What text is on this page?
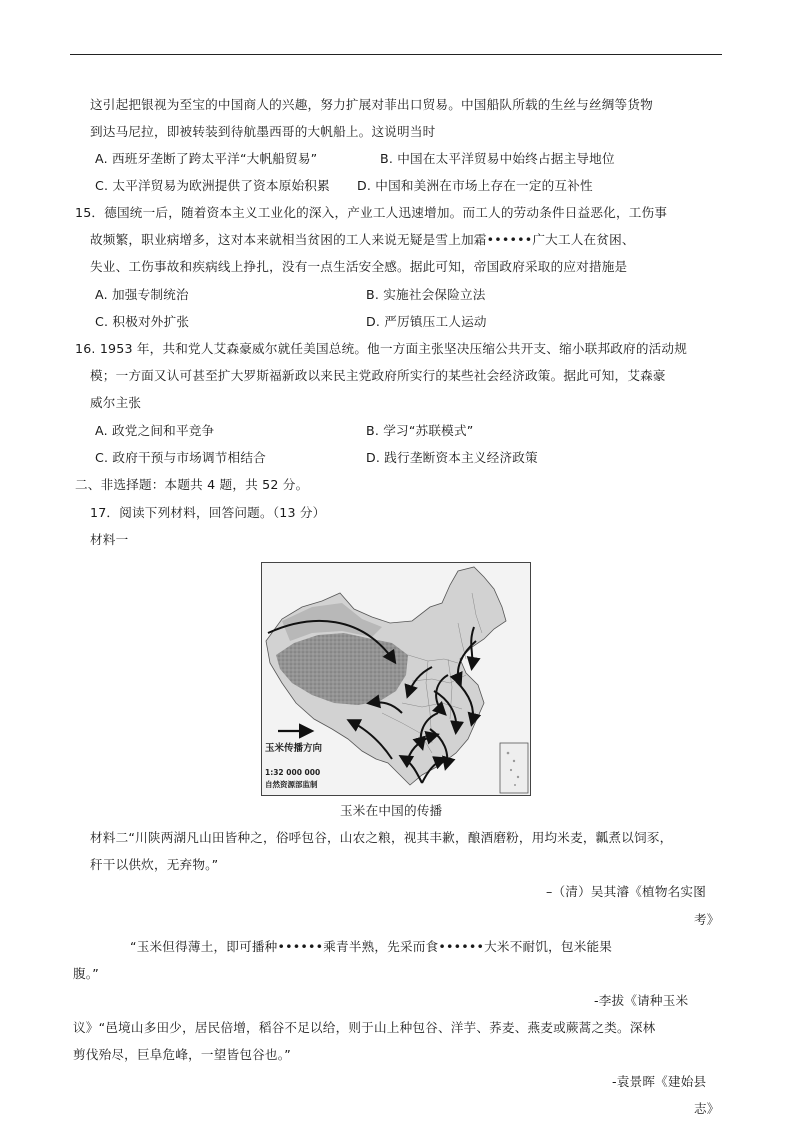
这引起把银视为至宝的中国商人的兴趣，努力扩展对菲出口贸易。中国船队所载的生丝与丝绸等货物
到达马尼拉，即被转装到待航墨西哥的大帆船上。这说明当时
A. 西班牙垄断了跨太平洋“大帆船贸易”	B. 中国在太平洋贸易中始终占据主导地位
C. 太平洋贸易为欧洲提供了资本原始积累 D. 中国和美洲在市场上存在一定的互补性
15．德国统一后，随着资本主义工业化的深入，产业工人迅速增加。而工人的劳动条件日益恶化，工伤事
故频繁，职业病增多，这对本来就相当贫困的工人来说无疑是雪上加霜••••••广大工人在贫困、
失业、工伤事故和疾病线上挣扎，没有一点生活安全感。据此可知，帝国政府采取的应对措施是
A. 加强专制统治	B. 实施社会保险立法
C. 积极对外扩张	D. 严厉镇压工人运动
16. 1953 年，共和党人艾森豪威尔就任美国总统。他一方面主张坚决压缩公共开支、缩小联邦政府的活动规
模；一方面又认可甚至扩大罗斯福新政以来民主党政府所实行的某些社会经济政策。据此可知，艾森豪
威尔主张
A. 政党之间和平竞争	B. 学习“苏联模式”
C. 政府干预与市场调节相结合	D. 践行垄断资本主义经济政策
二、非选择题：本题共 4 题，共 52 分。
17．阅读下列材料，回答问题。（13 分）
材料一
玉米传播方向
1:32 000 000
自然资源部监制
玉米在中国的传播
材料二“川陕两湖凡山田皆种之，俗呼包谷，山农之粮，视其丰歉，酿酒磨粉，用均米麦，瓤煮以饲豕，
秆干以供炊，无弃物。”
–（清）吴其濬《植物名实图
考》
“玉米但得薄土，即可播种••••••乘青半熟，先采而食••••••大米不耐饥，包米能果
腹。”
-李拔《请种玉米
议》“邑境山多田少，居民倍增，稻谷不足以给，则于山上种包谷、洋芋、荞麦、燕麦或蕨蒿之类。深林
剪伐殆尽，巨阜危峰，一望皆包谷也。”
-袁景晖《建始县
志》
